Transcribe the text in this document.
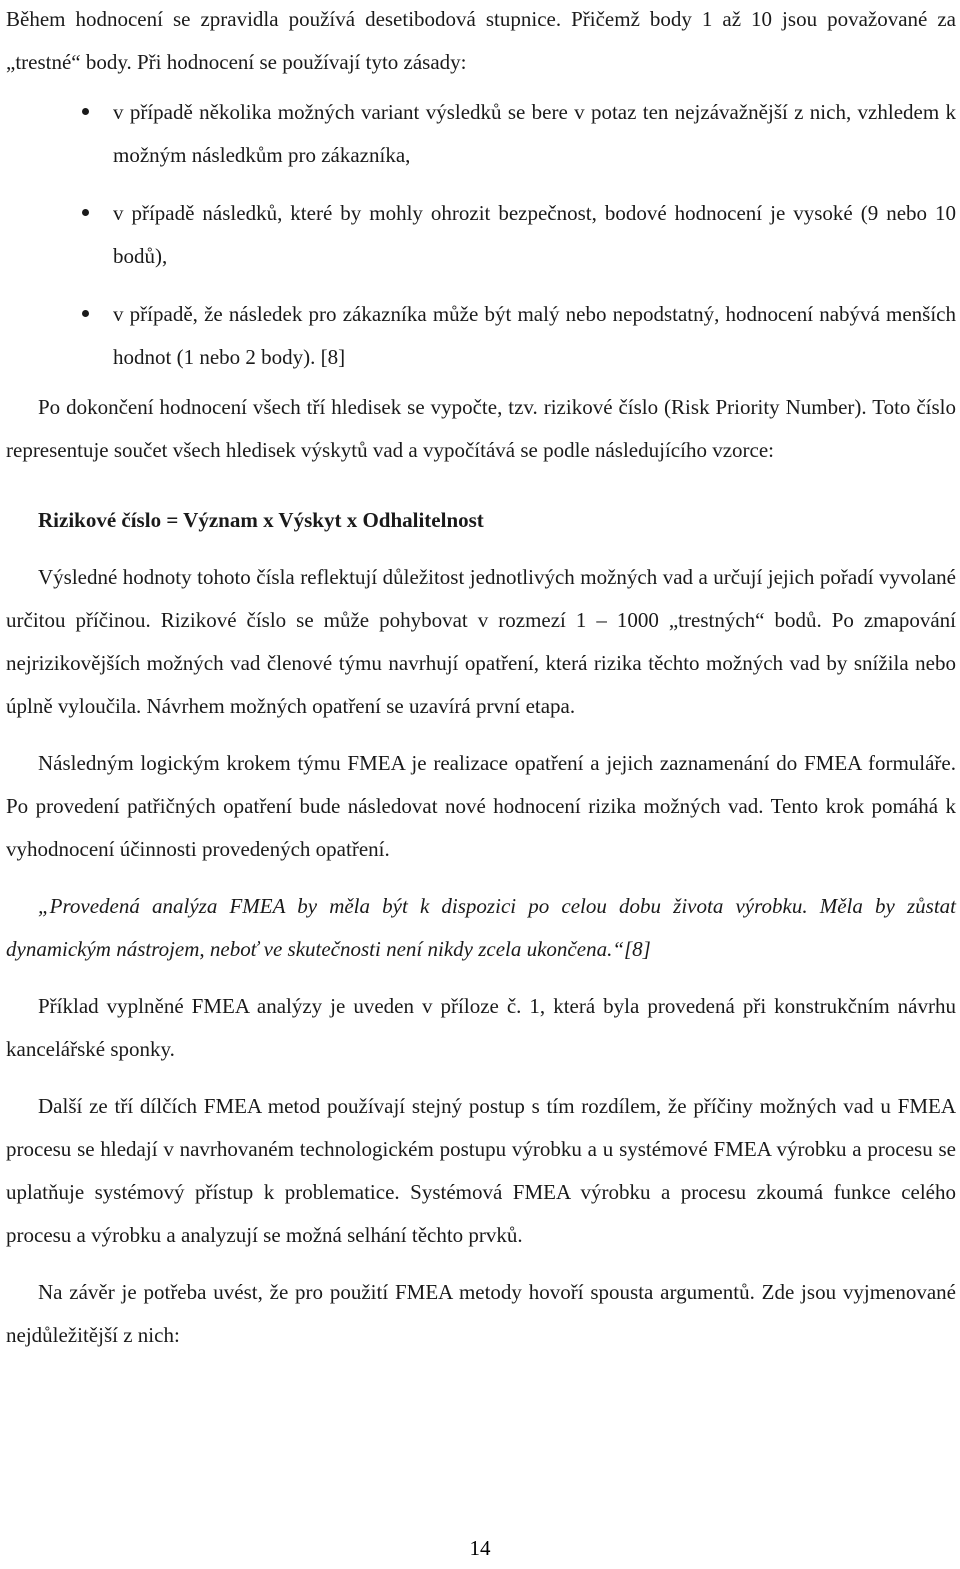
Během hodnocení se zpravidla používá desetibodová stupnice. Přičemž body 1 až 10 jsou považované za „trestné“ body. Při hodnocení se používají tyto zásady:

v případě několika možných variant výsledků se bere v potaz ten nejzávažnější z nich, vzhledem k možným následkům pro zákazníka,
v případě následků, které by mohly ohrozit bezpečnost, bodové hodnocení je vysoké (9 nebo 10 bodů),
v případě, že následek pro zákazníka může být malý nebo nepodstatný, hodnocení nabývá menších hodnot (1 nebo 2 body). [8]

Po dokončení hodnocení všech tří hledisek se vypočte, tzv. rizikové číslo (Risk Priority Number). Toto číslo representuje součet všech hledisek výskytů vad a vypočítává se podle následujícího vzorce:

Rizikové číslo = Význam x Výskyt x Odhalitelnost

Výsledné hodnoty tohoto čísla reflektují důležitost jednotlivých možných vad a určují jejich pořadí vyvolané určitou příčinou. Rizikové číslo se může pohybovat v rozmezí 1 – 1000 „trestných“ bodů. Po zmapování nejrizikovějších možných vad členové týmu navrhují opatření, která rizika těchto možných vad by snížila nebo úplně vyloučila. Návrhem možných opatření se uzavírá první etapa.

Následným logickým krokem týmu FMEA je realizace opatření a jejich zaznamenání do FMEA formuláře. Po provedení patřičných opatření bude následovat nové hodnocení rizika možných vad. Tento krok pomáhá k vyhodnocení účinnosti provedených opatření.

„Provedená analýza FMEA by měla být k dispozici po celou dobu života výrobku. Měla by zůstat dynamickým nástrojem, neboť ve skutečnosti není nikdy zcela ukončena.“[8]

Příklad vyplněné FMEA analýzy je uveden v příloze č. 1, která byla provedená při konstrukčním návrhu kancelářské sponky.

Další ze tří dílčích FMEA metod používají stejný postup s tím rozdílem, že příčiny možných vad u FMEA procesu se hledají v navrhovaném technologickém postupu výrobku a u systémové FMEA výrobku a procesu se uplatňuje systémový přístup k problematice. Systémová FMEA výrobku a procesu zkoumá funkce celého procesu a výrobku a analyzují se možná selhání těchto prvků.

Na závěr je potřeba uvést, že pro použití FMEA metody hovoří spousta argumentů. Zde jsou vyjmenované nejdůležitější z nich:

14
